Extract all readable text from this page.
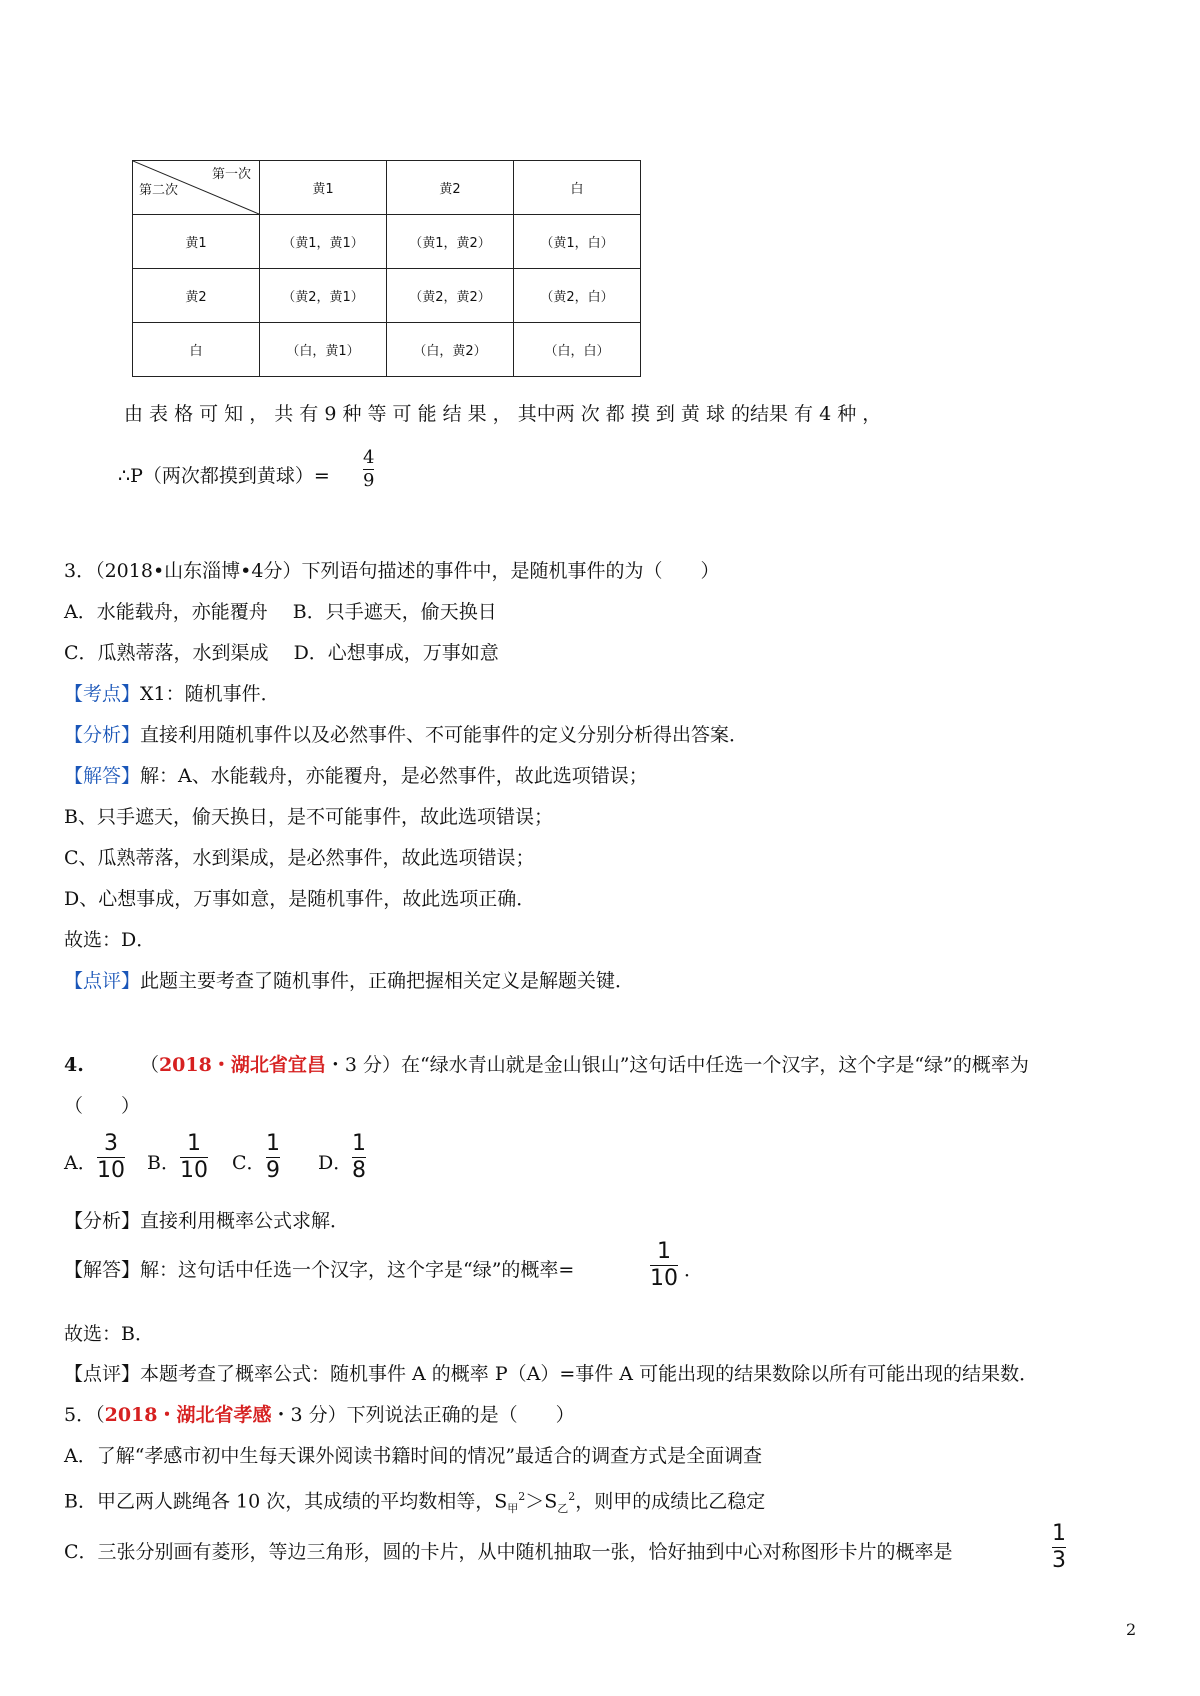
第一次
第二次	黄1	黄2	白
黄1	（黄1，黄1）	（黄1，黄2）	（黄1，白）
黄2	（黄2，黄1）	（黄2，黄2）	（黄2，白）
白	（白，黄1）	（白，黄2）	（白，白）
由 表 格 可 知 ， 共 有 9 种 等 可 能 结 果 ， 其中两 次 都 摸 到 黄 球 的结果 有 4 种 ，
∴P（两次都摸到黄球）=
4
9
3．（2018•山东淄博•4分）下列语句描述的事件中，是随机事件的为（　　）
A．水能载舟，亦能覆舟　 B．只手遮天，偷天换日
C．瓜熟蒂落，水到渠成　 D．心想事成，万事如意
【考点】X1：随机事件．
【分析】直接利用随机事件以及必然事件、不可能事件的定义分别分析得出答案．
【解答】解：A、水能载舟，亦能覆舟，是必然事件，故此选项错误；
B、只手遮天，偷天换日，是不可能事件，故此选项错误；
C、瓜熟蒂落，水到渠成，是必然事件，故此选项错误；
D、心想事成，万事如意，是随机事件，故此选项正确．
故选：D．
【点评】此题主要考查了随机事件，正确把握相关定义是解题关键．
4.	（2018・湖北省宜昌・3 分）在“绿水青山就是金山银山”这句话中任选一个汉字，这个字是“绿”的概率为
（　　）
A．
3
10 B．
1
10 C．
1
9 D．
1
8
【分析】直接利用概率公式求解．
【解答】解：这句话中任选一个汉字，这个字是“绿”的概率=
1
10 ．
故选：B．
【点评】本题考查了概率公式：随机事件 A 的概率 P（A）=事件 A 可能出现的结果数除以所有可能出现的结果数．
5．（2018・湖北省孝感・3 分）下列说法正确的是（　　）
A．了解“孝感市初中生每天课外阅读书籍时间的情况”最适合的调查方式是全面调查
B．甲乙两人跳绳各 10 次，其成绩的平均数相等，$S_甲^2>S_乙^2$，则甲的成绩比乙稳定
C．三张分别画有菱形，等边三角形，圆的卡片，从中随机抽取一张，恰好抽到中心对称图形卡片的概率是
1
3
2
